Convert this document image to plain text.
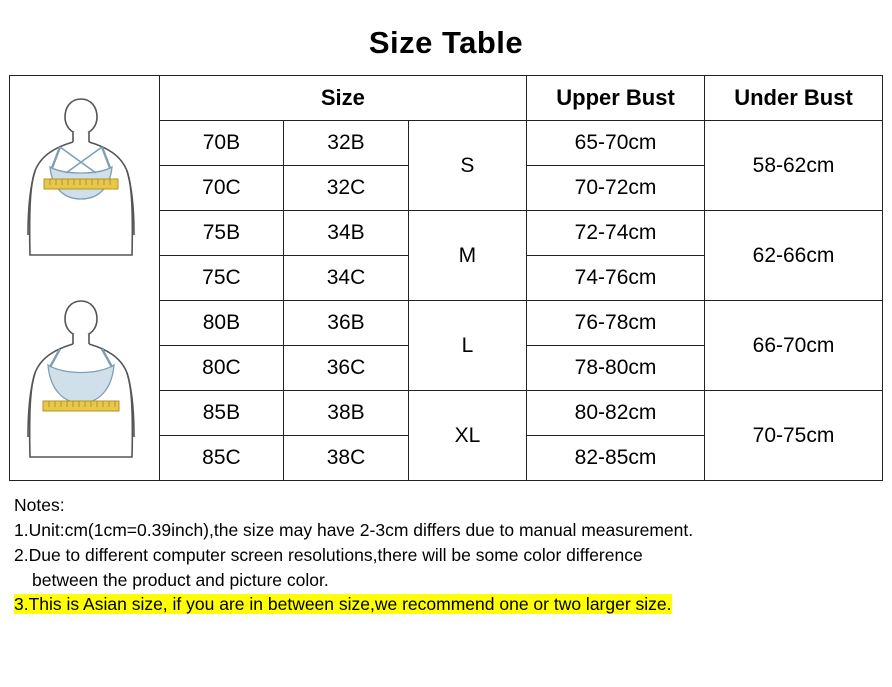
Size Table
	Size			Upper Bust	Under Bust
	70B	32B	S	65-70cm	58-62cm
	70C	32C		70-72cm	
	75B	34B	M	72-74cm	62-66cm
	75C	34C		74-76cm	
	80B	36B	L	76-78cm	66-70cm
	80C	36C		78-80cm	
	85B	38B	XL	80-82cm	70-75cm
	85C	38C		82-85cm	
Notes:
1.Unit:cm(1cm=0.39inch),the size may have 2-3cm differs due to manual measurement.
2.Due to different computer screen resolutions,there will be some color difference
between the product and picture color.
3.This is Asian size, if you are in between size,we recommend one or two larger size.
